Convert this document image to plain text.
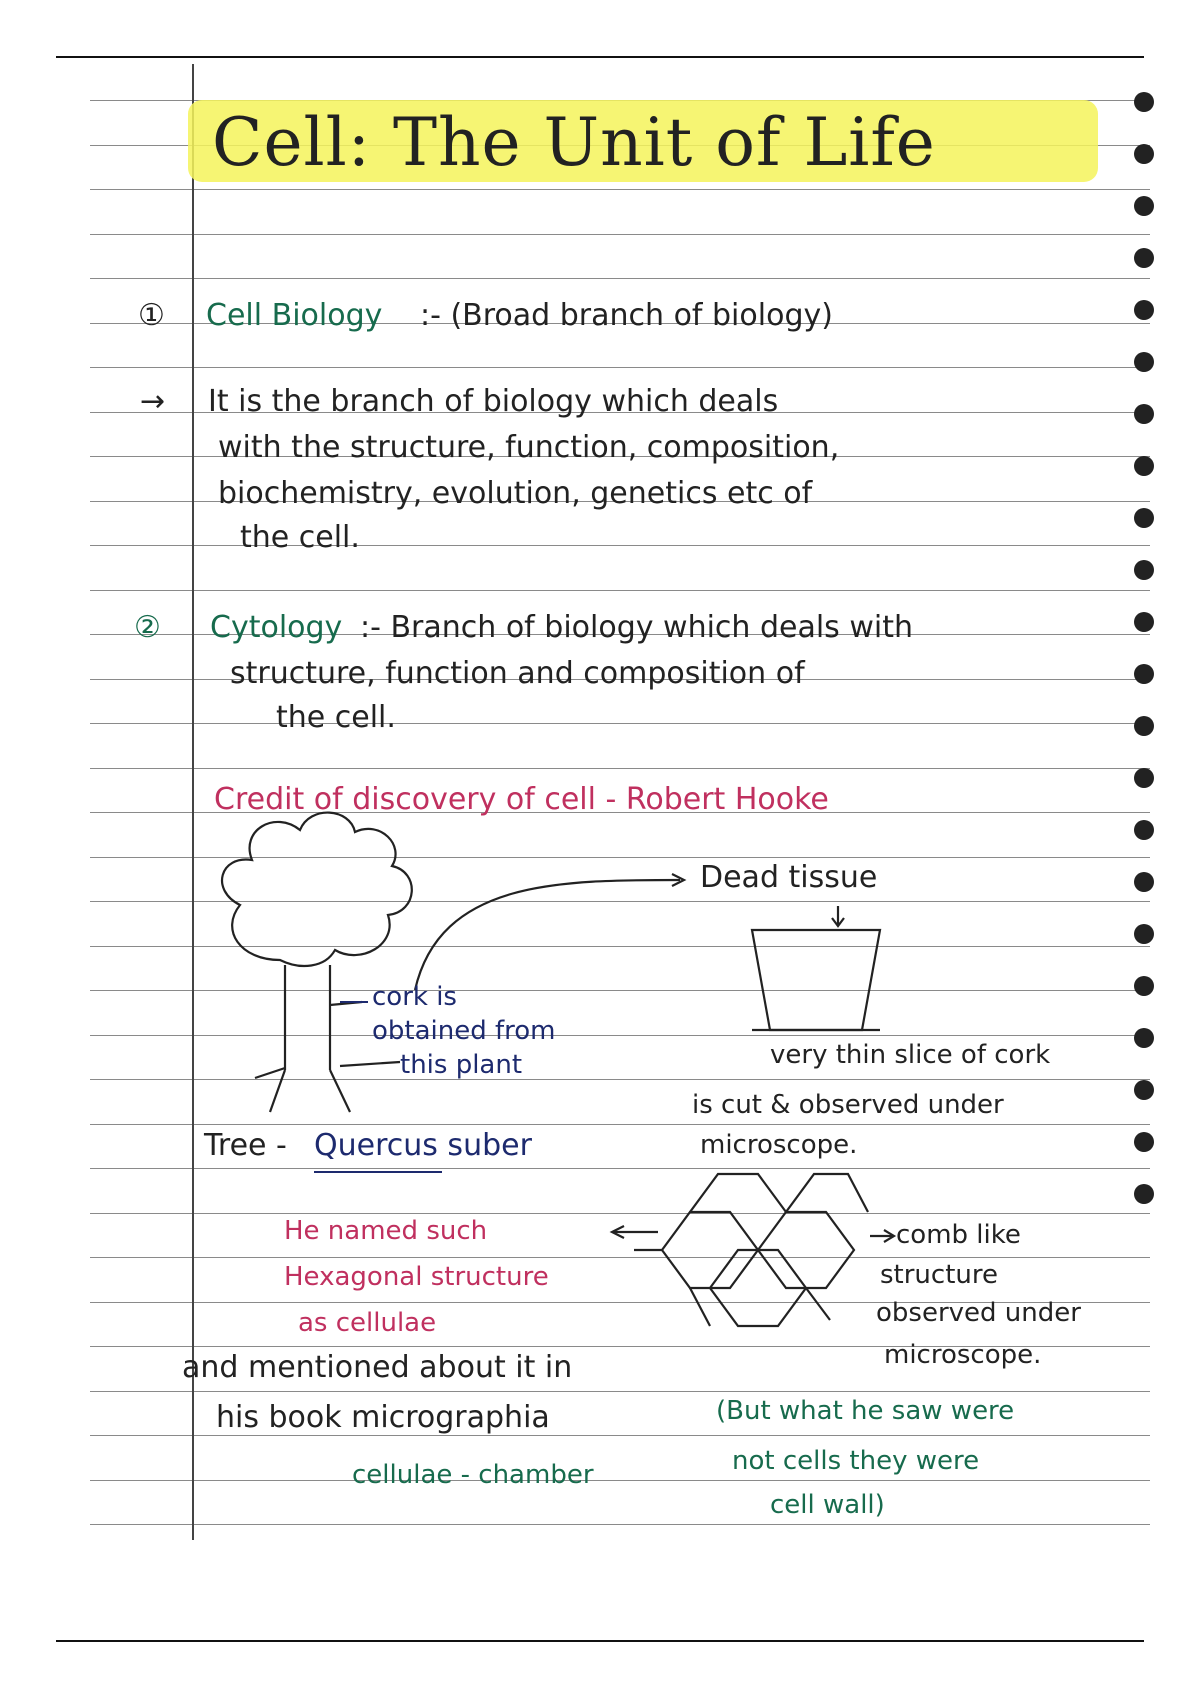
Cell: The Unit of Life
① Cell Biology :- (Broad branch of biology)
→ It is the branch of biology which deals
with the structure, function, composition,
biochemistry, evolution, genetics etc of
the cell.
② Cytology :- Branch of biology which deals with
structure, function and composition of
the cell.
Credit of discovery of cell - Robert Hooke
Dead tissue
cork is
obtained from
this plant
Tree - Quercus suber
very thin slice of cork
is cut & observed under
microscope.
He named such
Hexagonal structure
as cellulae
comb like
structure
observed under
microscope.
and mentioned about it in
his book micrographia
cellulae - chamber
(But what he saw were
not cells they were
cell wall)
